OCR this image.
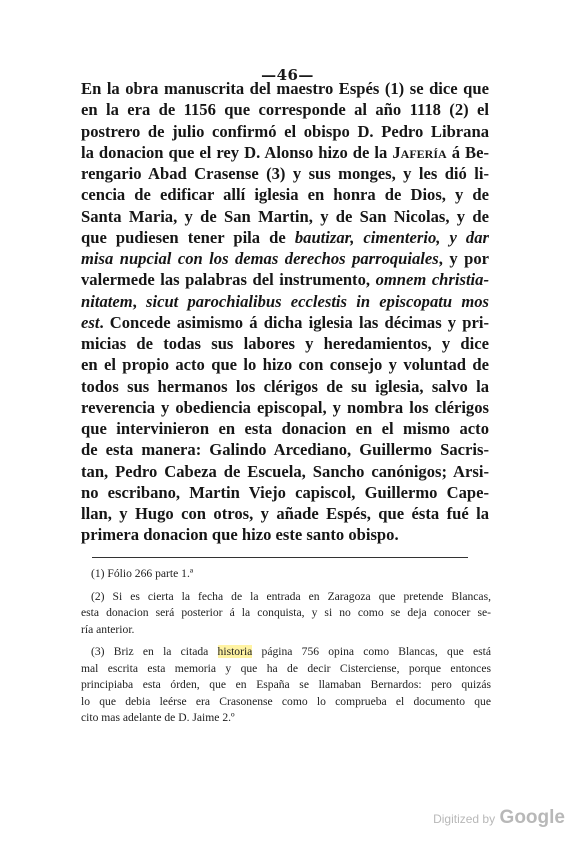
—46—
En la obra manuscrita del maestro Espés (1) se dice que
en la era de 1156 que corresponde al año 1118 (2) el
postrero de julio confirmó el obispo D. Pedro Librana
la donacion que el rey D. Alonso hizo de la Jafería á Be-
rengario Abad Crasense (3) y sus monges, y les dió li-
cencia de edificar allí iglesia en honra de Dios, y de
Santa Maria, y de San Martin, y de San Nicolas, y de
que pudiesen tener pila de bautizar, cimenterio, y dar
misa nupcial con los demas derechos parroquiales, y por
valermede las palabras del instrumento, omnem christia-
nitatem, sicut parochialibus ecclestis in episcopatu mos
est. Concede asimismo á dicha iglesia las décimas y pri-
micias de todas sus labores y heredamientos, y dice
en el propio acto que lo hizo con consejo y voluntad de
todos sus hermanos los clérigos de su iglesia, salvo la
reverencia y obediencia episcopal, y nombra los clérigos
que intervinieron en esta donacion en el mismo acto
de esta manera: Galindo Arcediano, Guillermo Sacris-
tan, Pedro Cabeza de Escuela, Sancho canónigos; Arsi-
no escribano, Martin Viejo capiscol, Guillermo Cape-
llan, y Hugo con otros, y añade Espés, que ésta fué la
primera donacion que hizo este santo obispo.
(1) Fólio 266 parte 1.ª
(2) Si es cierta la fecha de la entrada en Zaragoza que pretende Blancas,
esta donacion será posterior á la conquista, y si no como se deja conocer se-
ría anterior.
(3) Briz en la citada historia página 756 opina como Blancas, que está
mal escrita esta memoria y que ha de decir Cisterciense, porque entonces
principiaba esta órden, que en España se llamaban Bernardos: pero quizás
lo que debia leérse era Crasonense como lo comprueba el documento que
cito mas adelante de D. Jaime 2.º
Digitized by Google
